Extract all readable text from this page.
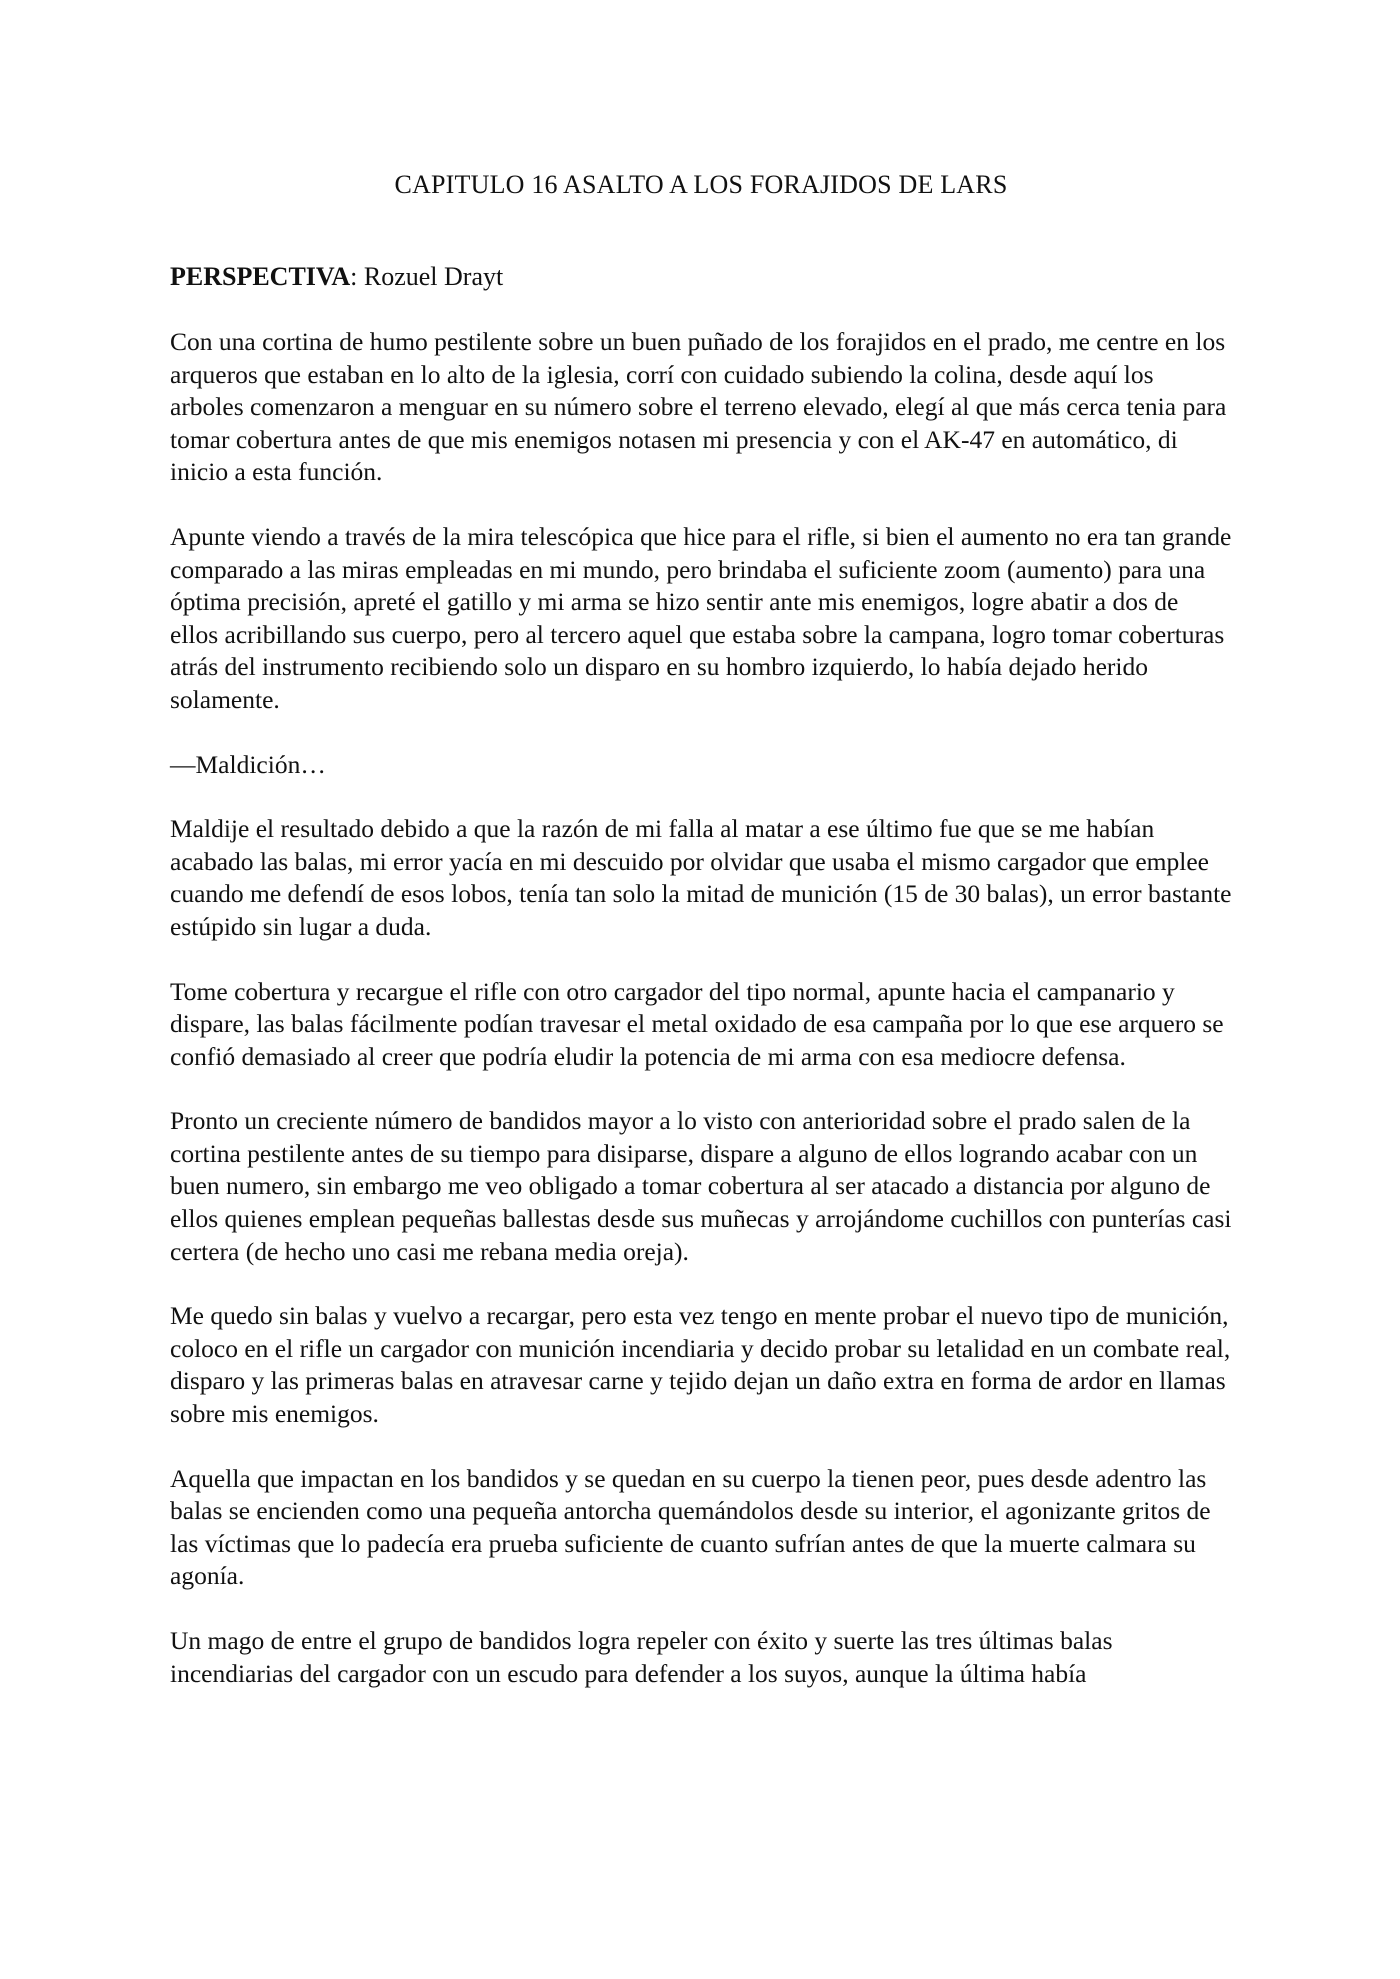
CAPITULO 16 ASALTO A LOS FORAJIDOS DE LARS
PERSPECTIVA: Rozuel Drayt

Con una cortina de humo pestilente sobre un buen puñado de los forajidos en el prado, me centre en los arqueros que estaban en lo alto de la iglesia, corrí con cuidado subiendo la colina, desde aquí los arboles comenzaron a menguar en su número sobre el terreno elevado, elegí al que más cerca tenia para tomar cobertura antes de que mis enemigos notasen mi presencia y con el AK-47 en automático, di inicio a esta función.

Apunte viendo a través de la mira telescópica que hice para el rifle, si bien el aumento no era tan grande comparado a las miras empleadas en mi mundo, pero brindaba el suficiente zoom (aumento) para una óptima precisión, apreté el gatillo y mi arma se hizo sentir ante mis enemigos, logre abatir a dos de ellos acribillando sus cuerpo, pero al tercero aquel que estaba sobre la campana, logro tomar coberturas atrás del instrumento recibiendo solo un disparo en su hombro izquierdo, lo había dejado herido solamente.

—Maldición…

Maldije el resultado debido a que la razón de mi falla al matar a ese último fue que se me habían acabado las balas, mi error yacía en mi descuido por olvidar que usaba el mismo cargador que emplee cuando me defendí de esos lobos, tenía tan solo la mitad de munición (15 de 30 balas), un error bastante estúpido sin lugar a duda.

Tome cobertura y recargue el rifle con otro cargador del tipo normal, apunte hacia el campanario y dispare, las balas fácilmente podían travesar el metal oxidado de esa campaña por lo que ese arquero se confió demasiado al creer que podría eludir la potencia de mi arma con esa mediocre defensa.

Pronto un creciente número de bandidos mayor a lo visto con anterioridad sobre el prado salen de la cortina pestilente antes de su tiempo para disiparse, dispare a alguno de ellos logrando acabar con un buen numero, sin embargo me veo obligado a tomar cobertura al ser atacado a distancia por alguno de ellos quienes emplean pequeñas ballestas desde sus muñecas y arrojándome cuchillos con punterías casi certera (de hecho uno casi me rebana media oreja).

Me quedo sin balas y vuelvo a recargar, pero esta vez tengo en mente probar el nuevo tipo de munición, coloco en el rifle un cargador con munición incendiaria y decido probar su letalidad en un combate real, disparo y las primeras balas en atravesar carne y tejido dejan un daño extra en forma de ardor en llamas sobre mis enemigos.

Aquella que impactan en los bandidos y se quedan en su cuerpo la tienen peor, pues desde adentro las balas se encienden como una pequeña antorcha quemándolos desde su interior, el agonizante gritos de las víctimas que lo padecía era prueba suficiente de cuanto sufrían antes de que la muerte calmara su agonía.

Un mago de entre el grupo de bandidos logra repeler con éxito y suerte las tres últimas balas incendiarias del cargador con un escudo para defender a los suyos, aunque la última había
